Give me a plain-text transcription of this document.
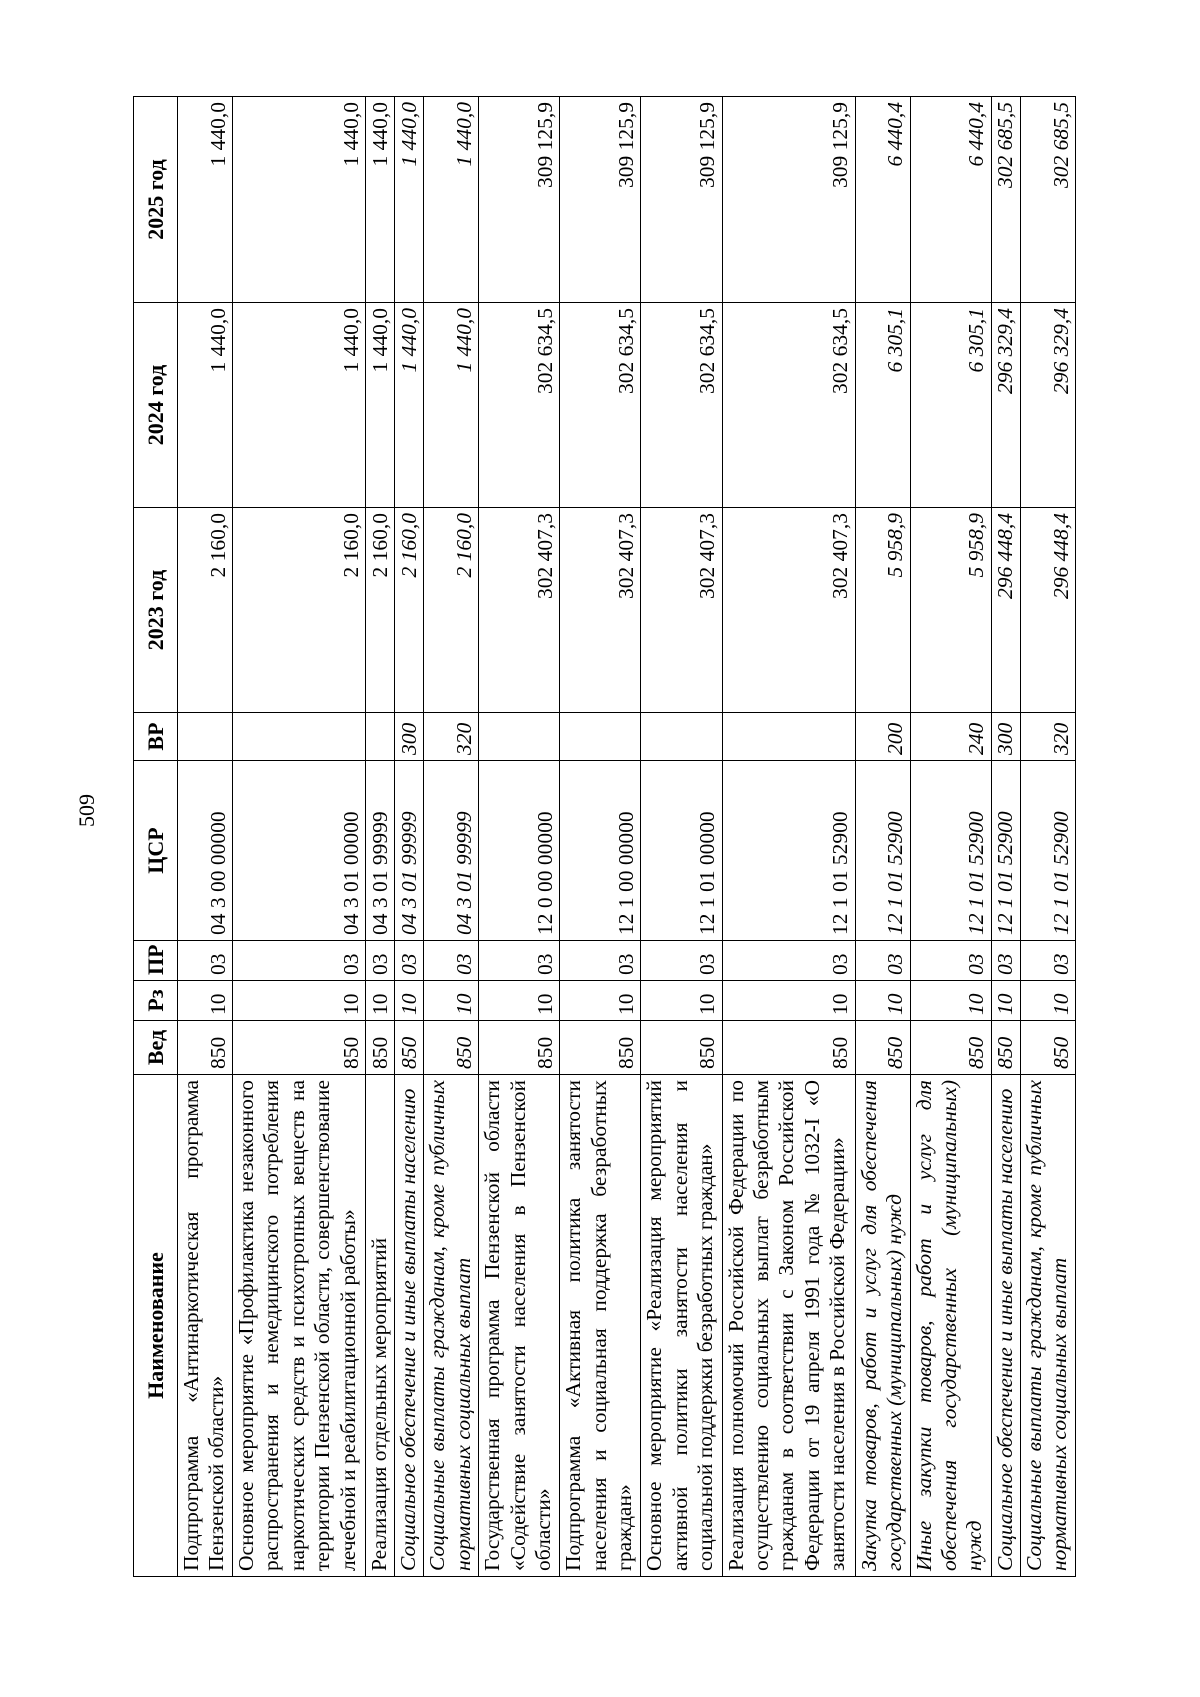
509
Наименование	Вед	Рз	ПР	ЦСР	ВР	2023 год	2024 год	2025 год
Подпрограмма «Антинаркотическая программа Пензенской области»	850	10	03	04 3 00 00000		2 160,0	1 440,0	1 440,0
Основное мероприятие «Профилактика незаконного распространения и немедицинского потребления наркотических средств и психотропных веществ на территории Пензенской области, совершенствование лечебной и реабилитационной работы»	850	10	03	04 3 01 00000		2 160,0	1 440,0	1 440,0
Реализация отдельных мероприятий	850	10	03	04 3 01 99999		2 160,0	1 440,0	1 440,0
Социальное обеспечение и иные выплаты населению	850	10	03	04 3 01 99999	300	2 160,0	1 440,0	1 440,0
Социальные выплаты гражданам, кроме публичных нормативных социальных выплат	850	10	03	04 3 01 99999	320	2 160,0	1 440,0	1 440,0
Государственная программа Пензенской области «Содействие занятости населения в Пензенской области»	850	10	03	12 0 00 00000		302 407,3	302 634,5	309 125,9
Подпрограмма «Активная политика занятости населения и социальная поддержка безработных граждан»	850	10	03	12 1 00 00000		302 407,3	302 634,5	309 125,9
Основное мероприятие «Реализация мероприятий активной политики занятости населения и социальной поддержки безработных граждан»	850	10	03	12 1 01 00000		302 407,3	302 634,5	309 125,9
Реализация полномочий Российской Федерации по осуществлению социальных выплат безработным гражданам в соответствии с Законом Российской Федерации от 19 апреля 1991 года № 1032-I «О занятости населения в Российской Федерации»	850	10	03	12 1 01 52900		302 407,3	302 634,5	309 125,9
Закупка товаров, работ и услуг для обеспечения государственных (муниципальных) нужд	850	10	03	12 1 01 52900	200	5 958,9	6 305,1	6 440,4
Иные закупки товаров, работ и услуг для обеспечения государственных (муниципальных) нужд	850	10	03	12 1 01 52900	240	5 958,9	6 305,1	6 440,4
Социальное обеспечение и иные выплаты населению	850	10	03	12 1 01 52900	300	296 448,4	296 329,4	302 685,5
Социальные выплаты гражданам, кроме публичных нормативных социальных выплат	850	10	03	12 1 01 52900	320	296 448,4	296 329,4	302 685,5
